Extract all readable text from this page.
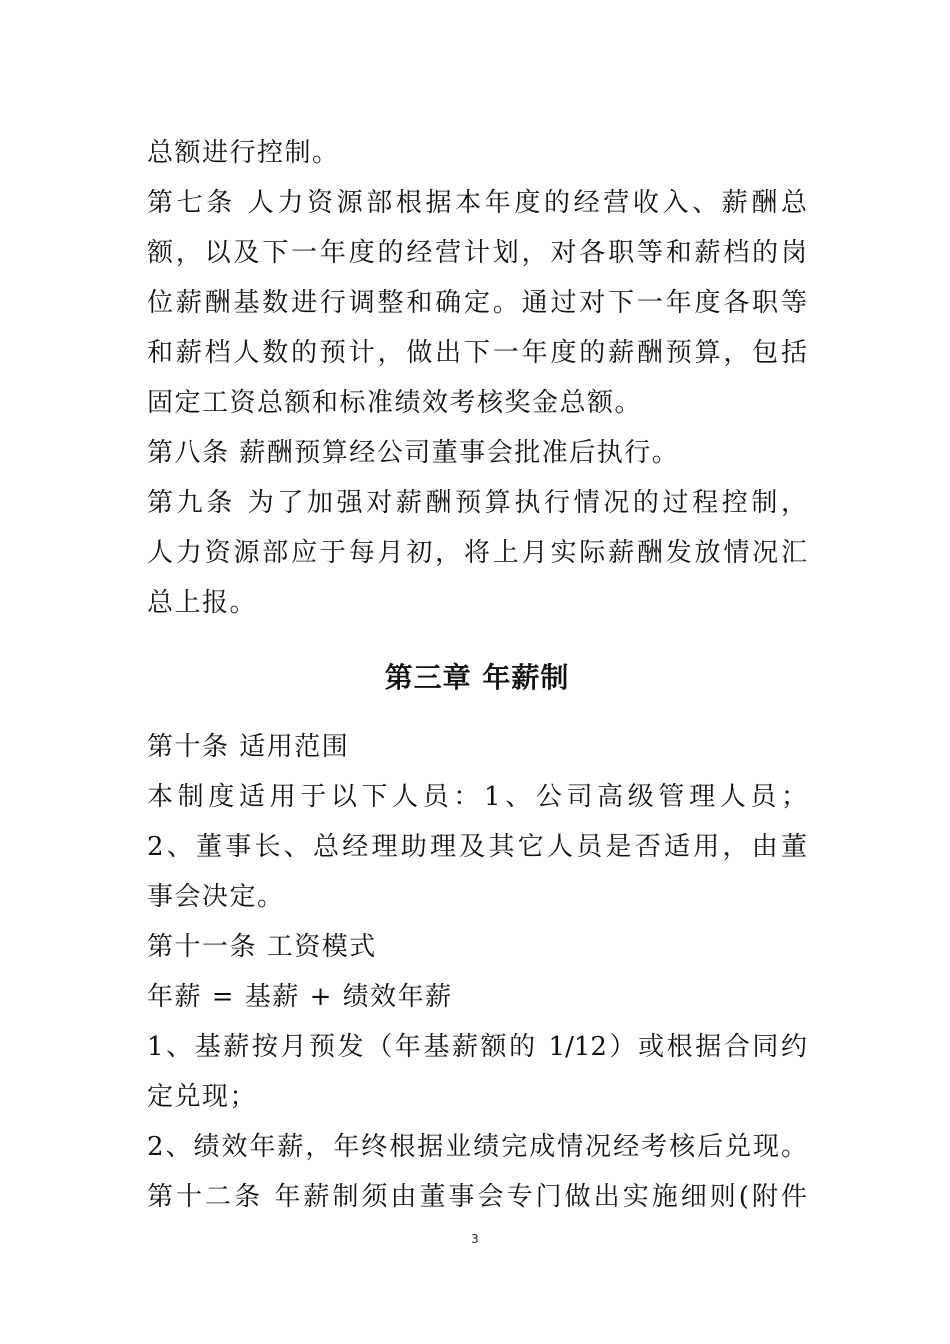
总额进行控制。
第七条 人力资源部根据本年度的经营收入、薪酬总
额，以及下一年度的经营计划，对各职等和薪档的岗
位薪酬基数进行调整和确定。通过对下一年度各职等
和薪档人数的预计，做出下一年度的薪酬预算，包括
固定工资总额和标准绩效考核奖金总额。
第八条 薪酬预算经公司董事会批准后执行。
第九条 为了加强对薪酬预算执行情况的过程控制，
人力资源部应于每月初，将上月实际薪酬发放情况汇
总上报。
第三章 年薪制
第十条 适用范围
本制度适用于以下人员：1、公司高级管理人员；
2、董事长、总经理助理及其它人员是否适用，由董
事会决定。
第十一条 工资模式
年薪 = 基薪 + 绩效年薪
1、基薪按月预发（年基薪额的 1/12）或根据合同约
定兑现；
2、绩效年薪，年终根据业绩完成情况经考核后兑现。
第十二条 年薪制须由董事会专门做出实施细则(附件
3
